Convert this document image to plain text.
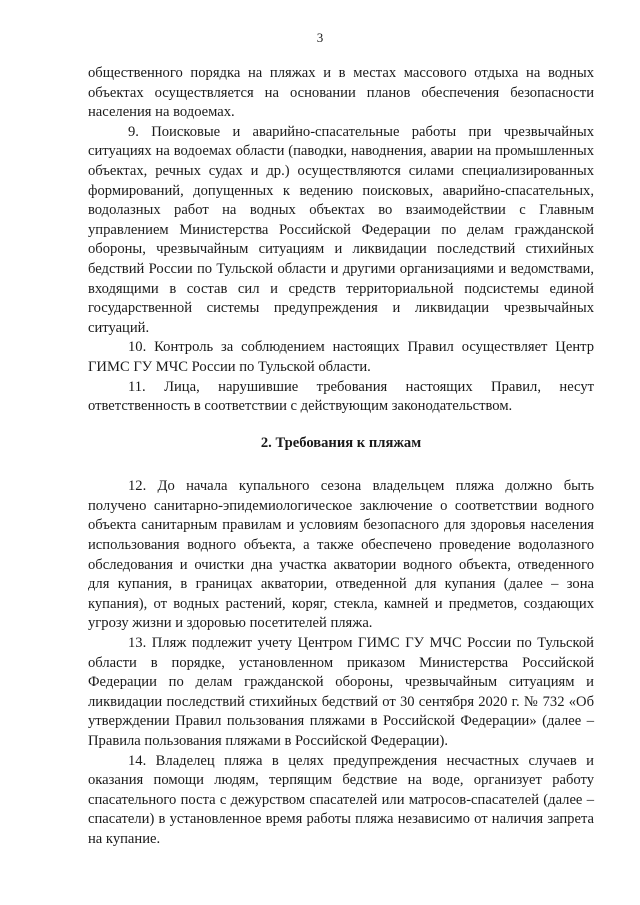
3

общественного порядка на пляжах и в местах массового отдыха на водных объектах осуществляется на основании планов обеспечения безопасности населения на водоемах.

9. Поисковые и аварийно-спасательные работы при чрезвычайных ситуациях на водоемах области (паводки, наводнения, аварии на промышленных объектах, речных судах и др.) осуществляются силами специализированных формирований, допущенных к ведению поисковых, аварийно-спасательных, водолазных работ на водных объектах во взаимодействии с Главным управлением Министерства Российской Федерации по делам гражданской обороны, чрезвычайным ситуациям и ликвидации последствий стихийных бедствий России по Тульской области и другими организациями и ведомствами, входящими в состав сил и средств территориальной подсистемы единой государственной системы предупреждения и ликвидации чрезвычайных ситуаций.

10. Контроль за соблюдением настоящих Правил осуществляет Центр ГИМС ГУ МЧС России по Тульской области.

11. Лица, нарушившие требования настоящих Правил, несут ответственность в соответствии с действующим законодательством.

2. Требования к пляжам

12. До начала купального сезона владельцем пляжа должно быть получено санитарно-эпидемиологическое заключение о соответствии водного объекта санитарным правилам и условиям безопасного для здоровья населения использования водного объекта, а также обеспечено проведение водолазного обследования и очистки дна участка акватории водного объекта, отведенного для купания, в границах акватории, отведенной для купания (далее – зона купания), от водных растений, коряг, стекла, камней и предметов, создающих угрозу жизни и здоровью посетителей пляжа.

13. Пляж подлежит учету Центром ГИМС ГУ МЧС России по Тульской области в порядке, установленном приказом Министерства Российской Федерации по делам гражданской обороны, чрезвычайным ситуациям и ликвидации последствий стихийных бедствий от 30 сентября 2020 г. № 732 «Об утверждении Правил пользования пляжами в Российской Федерации» (далее – Правила пользования пляжами в Российской Федерации).

14. Владелец пляжа в целях предупреждения несчастных случаев и оказания помощи людям, терпящим бедствие на воде, организует работу спасательного поста с дежурством спасателей или матросов-спасателей (далее – спасатели) в установленное время работы пляжа независимо от наличия запрета на купание.
